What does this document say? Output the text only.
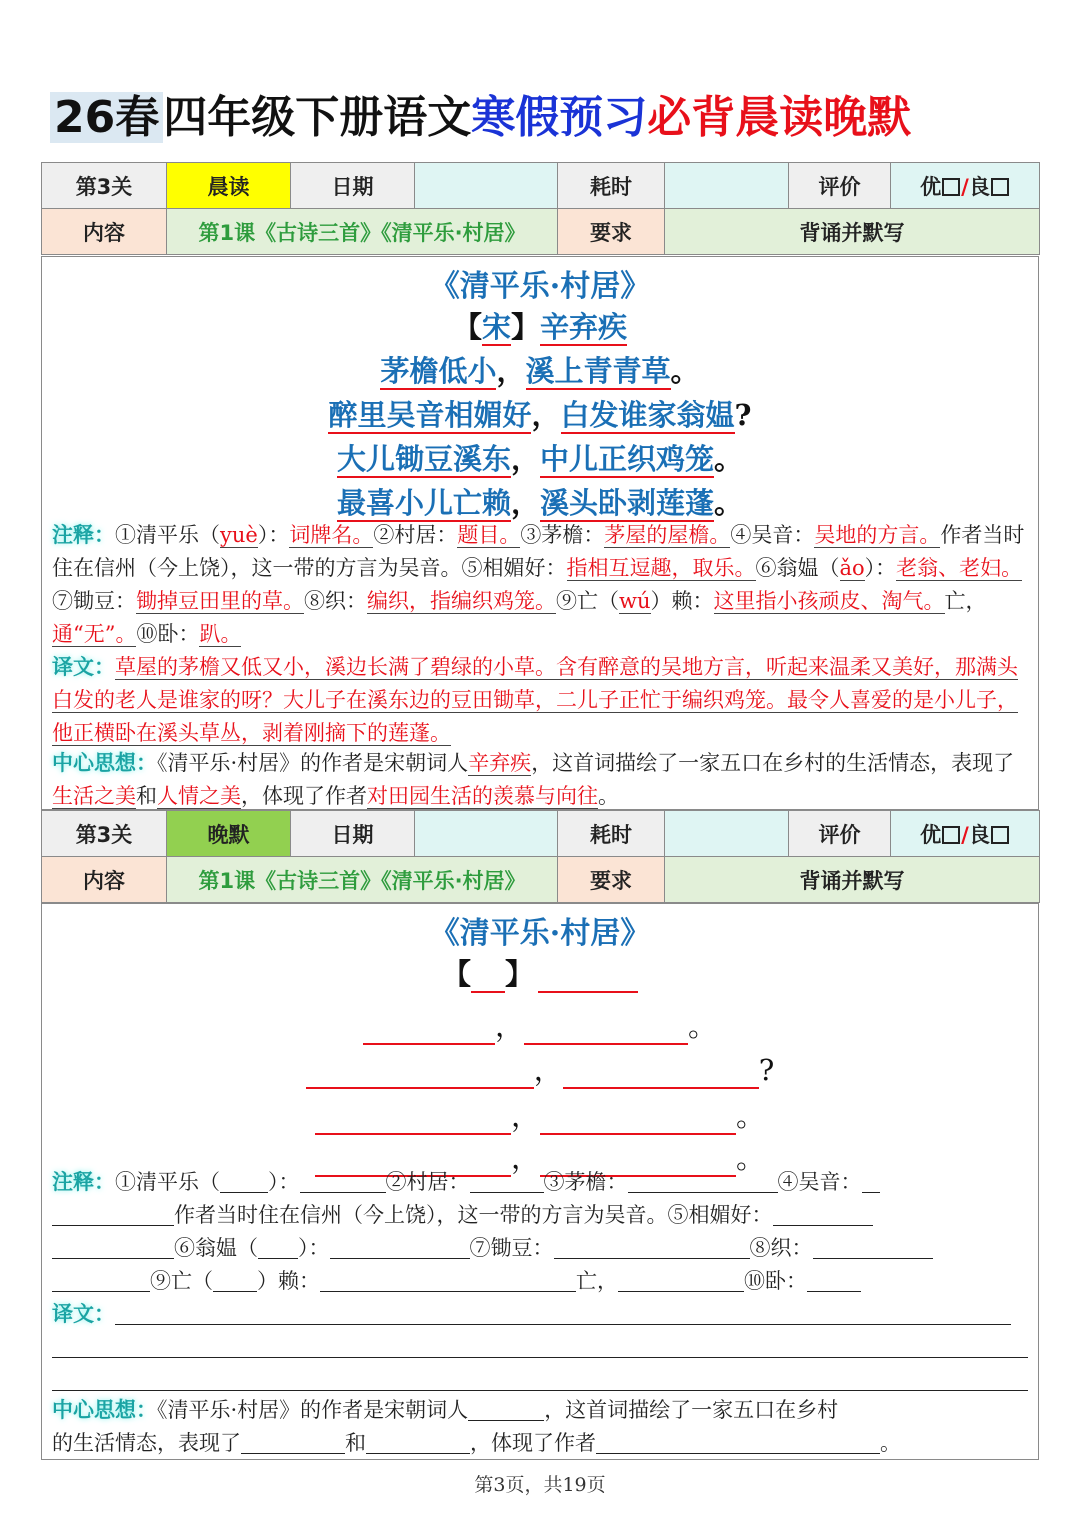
26春四年级下册语文寒假预习必背晨读晚默
第3关	晨读	日期		耗时		评价	优 /良
内容	第1课《古诗三首》《清平乐·村居》			要求	背诵并默写		
《清平乐·村居》
【宋】辛弃疾
茅檐低小，溪上青青草。
醉里吴音相媚好，白发谁家翁媪?
大儿锄豆溪东，中儿正织鸡笼。
最喜小儿亡赖，溪头卧剥莲蓬。
注释：①清平乐（yuè）：词牌名。②村居：题目。③茅檐：茅屋的屋檐。④吴音：吴地的方言。作者当时住在信州（今上饶），这一带的方言为吴音。⑤相媚好：指相互逗趣，取乐。⑥翁媪（ǎo）：老翁、老妇。⑦锄豆：锄掉豆田里的草。⑧织：编织，指编织鸡笼。⑨亡（wú）赖：这里指小孩顽皮、淘气。亡，通“无”。⑩卧：趴。
译文：草屋的茅檐又低又小，溪边长满了碧绿的小草。含有醉意的吴地方言，听起来温柔又美好，那满头白发的老人是谁家的呀？大儿子在溪东边的豆田锄草，二儿子正忙于编织鸡笼。最令人喜爱的是小儿子，他正横卧在溪头草丛，剥着刚摘下的莲蓬。
中心思想：《清平乐·村居》的作者是宋朝词人辛弃疾，这首词描绘了一家五口在乡村的生活情态，表现了生活之美和人情之美，体现了作者对田园生活的羡慕与向往。
第3关	晚默	日期		耗时		评价	优 /良
内容	第1课《古诗三首》《清平乐·村居》			要求	背诵并默写		
《清平乐·村居》
【 】
，	。
，	?
，	。
，	。
注释：①清平乐（ ）：	②村居：	③茅檐：	④吴音：
作者当时住在信州（今上饶），这一带的方言为吴音。⑤相媚好：
⑥翁媪（ ）：	⑦锄豆：	⑧织：
⑨亡（ ）赖：	亡，	⑩卧：
译文：

中心思想：《清平乐·村居》的作者是宋朝词人	，这首词描绘了一家五口在乡村
的生活情态，表现了	和	，体现了作者	。
第3页，共19页
